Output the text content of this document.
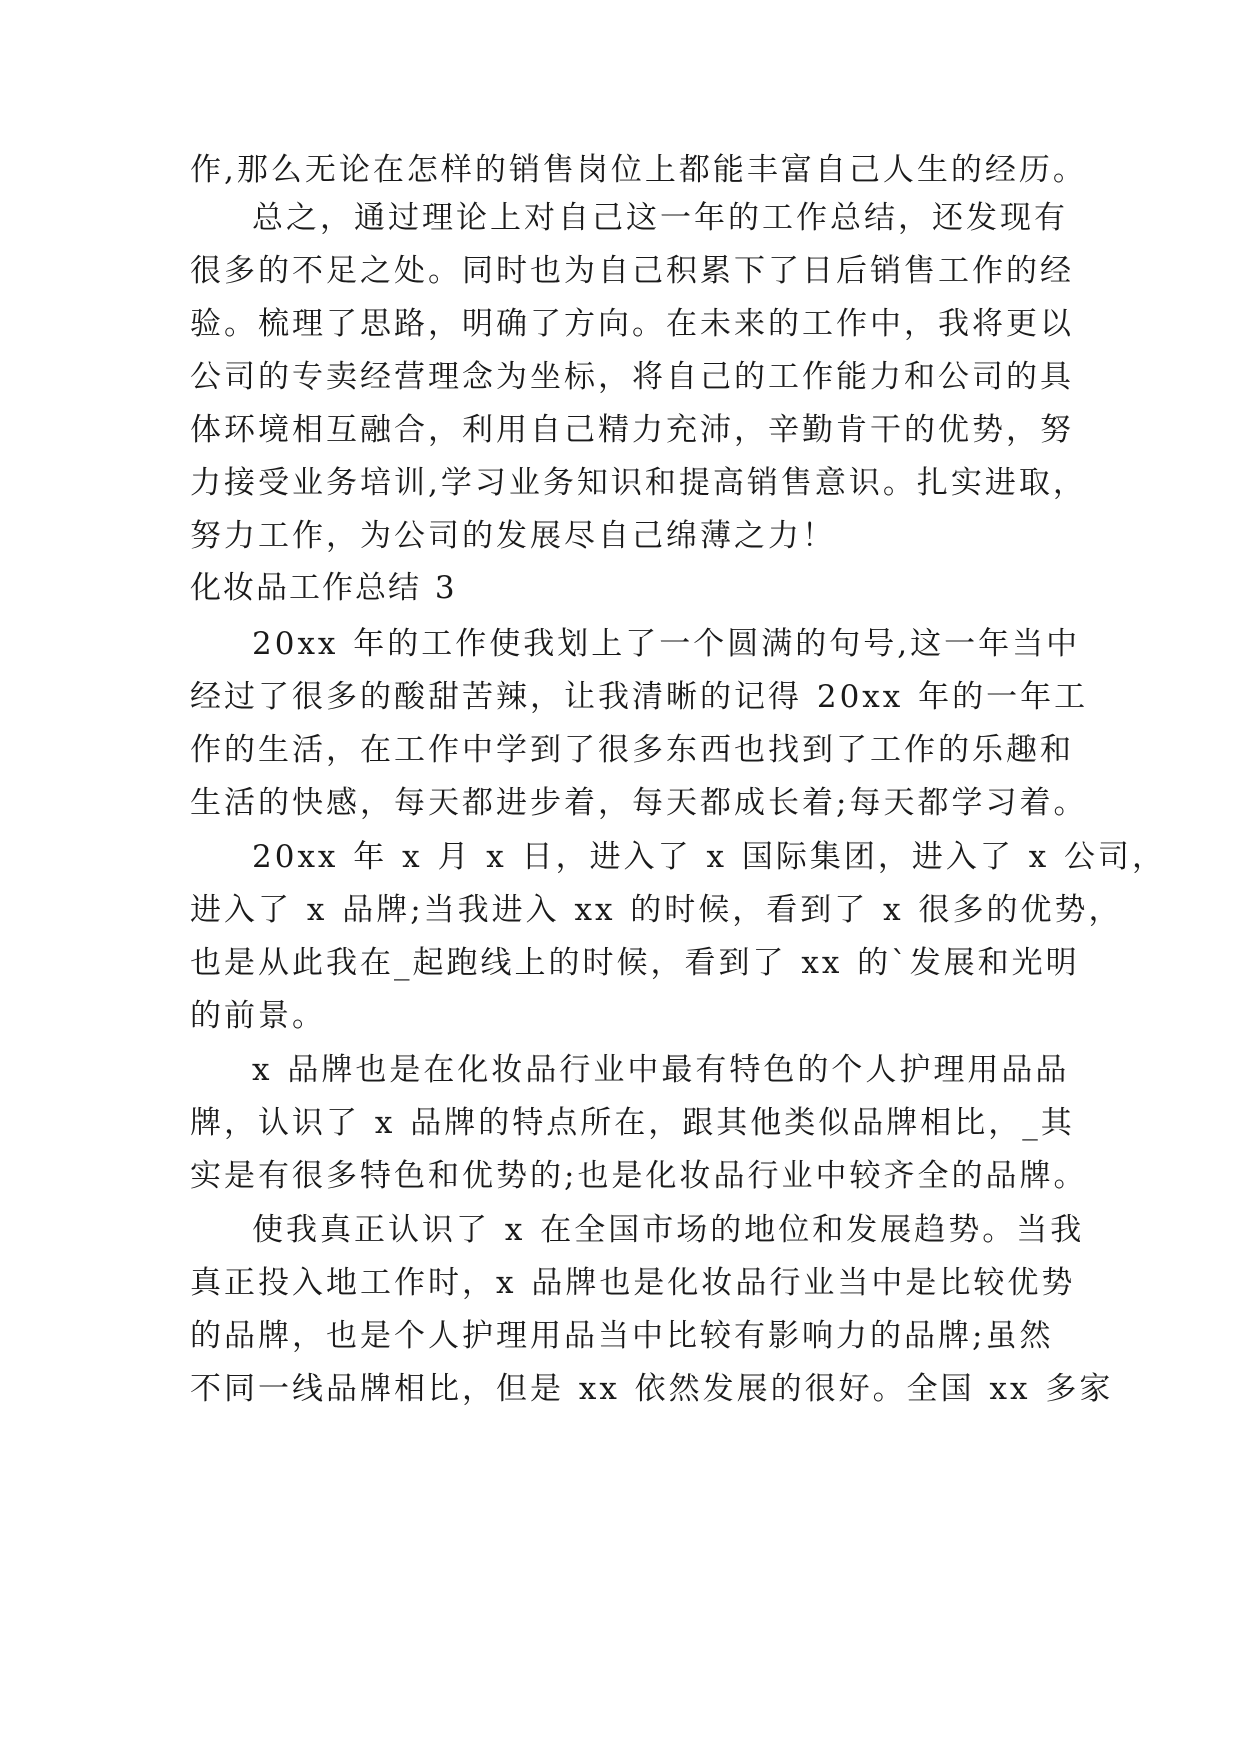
作,那么无论在怎样的销售岗位上都能丰富自己人生的经历。
总之，通过理论上对自己这一年的工作总结，还发现有
很多的不足之处。同时也为自己积累下了日后销售工作的经
验。梳理了思路，明确了方向。在未来的工作中，我将更以
公司的专卖经营理念为坐标，将自己的工作能力和公司的具
体环境相互融合，利用自己精力充沛，辛勤肯干的优势，努
力接受业务培训,学习业务知识和提高销售意识。扎实进取，
努力工作，为公司的发展尽自己绵薄之力！
化妆品工作总结 3
20xx 年的工作使我划上了一个圆满的句号,这一年当中
经过了很多的酸甜苦辣，让我清晰的记得 20xx 年的一年工
作的生活，在工作中学到了很多东西也找到了工作的乐趣和
生活的快感，每天都进步着，每天都成长着;每天都学习着。
20xx 年 x 月 x 日，进入了 x 国际集团，进入了 x 公司，
进入了 x 品牌;当我进入 xx 的时候，看到了 x 很多的优势，
也是从此我在_起跑线上的时候，看到了 xx 的`发展和光明
的前景。
x 品牌也是在化妆品行业中最有特色的个人护理用品品
牌，认识了 x 品牌的特点所在，跟其他类似品牌相比，_其
实是有很多特色和优势的;也是化妆品行业中较齐全的品牌。
使我真正认识了 x 在全国市场的地位和发展趋势。当我
真正投入地工作时，x 品牌也是化妆品行业当中是比较优势
的品牌，也是个人护理用品当中比较有影响力的品牌;虽然
不同一线品牌相比，但是 xx 依然发展的很好。全国 xx 多家
